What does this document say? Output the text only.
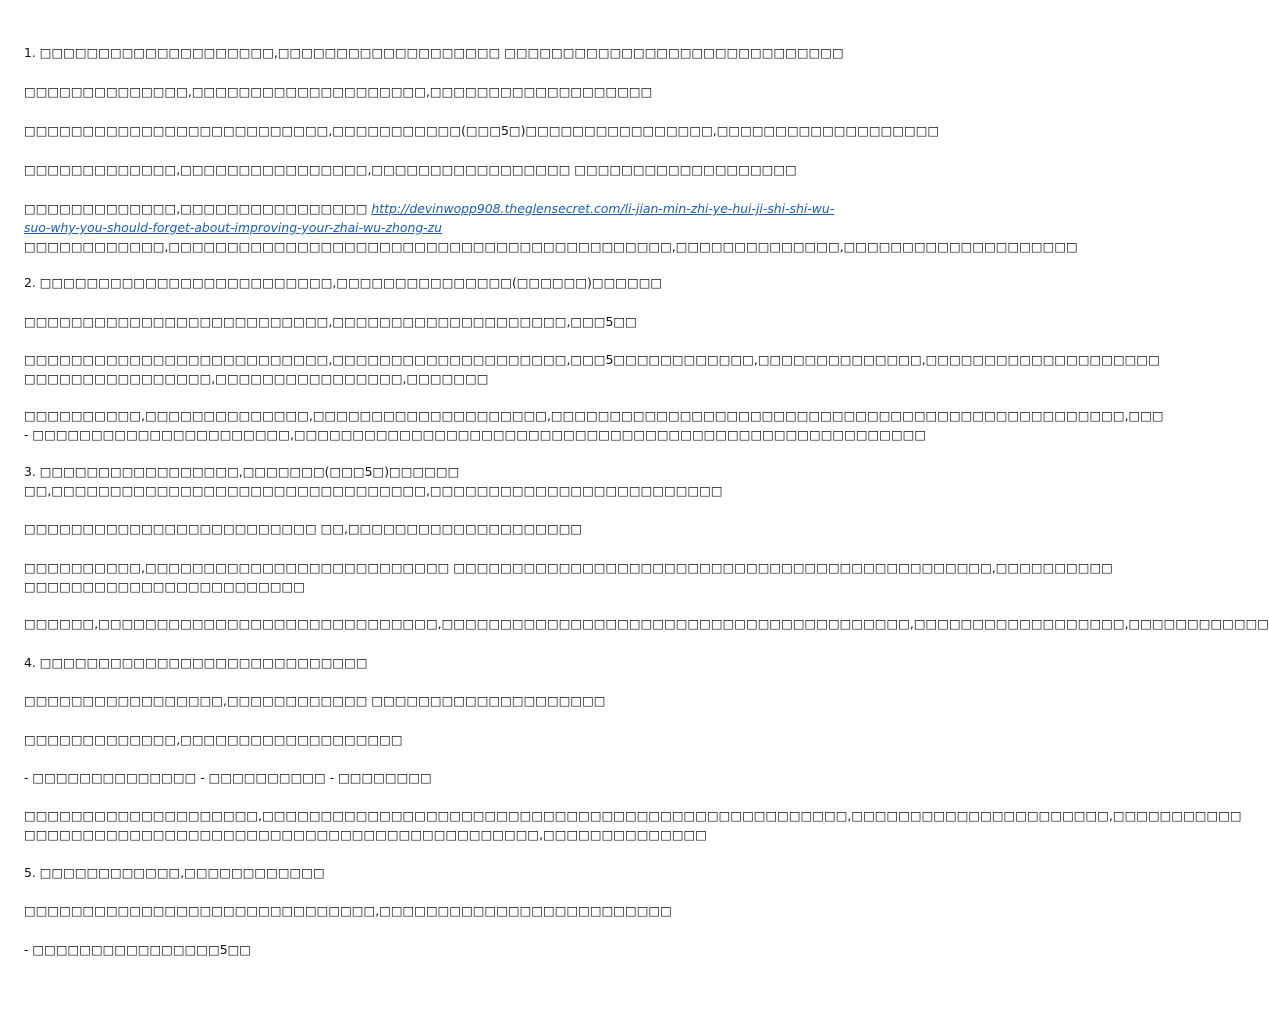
1. □□□□□□□□□□□□□□□□□□□□,□□□□□□□□□□□□□□□□□□□ □□□□□□□□□□□□□□□□□□□□□□□□□□□□□
□□□□□□□□□□□□□□,□□□□□□□□□□□□□□□□□□□□,□□□□□□□□□□□□□□□□□□□
□□□□□□□□□□□□□□□□□□□□□□□□□□,□□□□□□□□□□□(□□□5□)□□□□□□□□□□□□□□□□,□□□□□□□□□□□□□□□□□□□
□□□□□□□□□□□□□,□□□□□□□□□□□□□□□□,□□□□□□□□□□□□□□□□□ □□□□□□□□□□□□□□□□□□□
□□□□□□□□□□□□□,□□□□□□□□□□□□□□□□ http://devinwopp908.theglensecret.com/li-jian-min-zhi-ye-hui-ji-shi-shi-wu-
suo-why-you-should-forget-about-improving-your-zhai-wu-zhong-zu
□□□□□□□□□□□□,□□□□□□□□□□□□□□□□□□□□□□□□□□□□□□□□□□□□□□□□□□□,□□□□□□□□□□□□□□,□□□□□□□□□□□□□□□□□□□□
2. □□□□□□□□□□□□□□□□□□□□□□□□□,□□□□□□□□□□□□□□□(□□□□□□)□□□□□□
□□□□□□□□□□□□□□□□□□□□□□□□□□,□□□□□□□□□□□□□□□□□□□□,□□□5□□
□□□□□□□□□□□□□□□□□□□□□□□□□□,□□□□□□□□□□□□□□□□□□□□,□□□5□□□□□□□□□□□□,□□□□□□□□□□□□□□,□□□□□□□□□□□□□□□□□□□□
□□□□□□□□□□□□□□□□,□□□□□□□□□□□□□□□□,□□□□□□□
□□□□□□□□□□,□□□□□□□□□□□□□□,□□□□□□□□□□□□□□□□□□□□,□□□□□□□□□□□□□□□□□□□□□□□□□□□□□□□□□□□□□□□□□□□□□□□□□,□□□
- □□□□□□□□□□□□□□□□□□□□□□,□□□□□□□□□□□□□□□□□□□□□□□□□□□□□□□□□□□□□□□□□□□□□□□□□□□□□□
3. □□□□□□□□□□□□□□□□□,□□□□□□□(□□□5□)□□□□□□
□□,□□□□□□□□□□□□□□□□□□□□□□□□□□□□□□□□,□□□□□□□□□□□□□□□□□□□□□□□□□
□□□□□□□□□□□□□□□□□□□□□□□□□ □□,□□□□□□□□□□□□□□□□□□□□
□□□□□□□□□□,□□□□□□□□□□□□□□□□□□□□□□□□□□ □□□□□□□□□□□□□□□□□□□□□□□□□□□□□□□□□□□□□□□□□□□□□□,□□□□□□□□□□
□□□□□□□□□□□□□□□□□□□□□□□□
□□□□□□,□□□□□□□□□□□□□□□□□□□□□□□□□□□□□,□□□□□□□□□□□□□□□□□□□□□□□□□□□□□□□□□□□□□□□□,□□□□□□□□□□□□□□□□□□,□□□□□□□□□□□□
4. □□□□□□□□□□□□□□□□□□□□□□□□□□□□
□□□□□□□□□□□□□□□□□,□□□□□□□□□□□□ □□□□□□□□□□□□□□□□□□□□
□□□□□□□□□□□□□,□□□□□□□□□□□□□□□□□□□
- □□□□□□□□□□□□□□ - □□□□□□□□□□ - □□□□□□□□
□□□□□□□□□□□□□□□□□□□□,□□□□□□□□□□□□□□□□□□□□□□□□□□□□□□□□□□□□□□□□□□□□□□□□□□,□□□□□□□□□□□□□□□□□□□□□□,□□□□□□□□□□□
□□□□□□□□□□□□□□□□□□□□□□□□□□□□□□□□□□□□□□□□□□□□,□□□□□□□□□□□□□□
5. □□□□□□□□□□□□,□□□□□□□□□□□□
□□□□□□□□□□□□□□□□□□□□□□□□□□□□□□,□□□□□□□□□□□□□□□□□□□□□□□□□
- □□□□□□□□□□□□□□□□5□□
